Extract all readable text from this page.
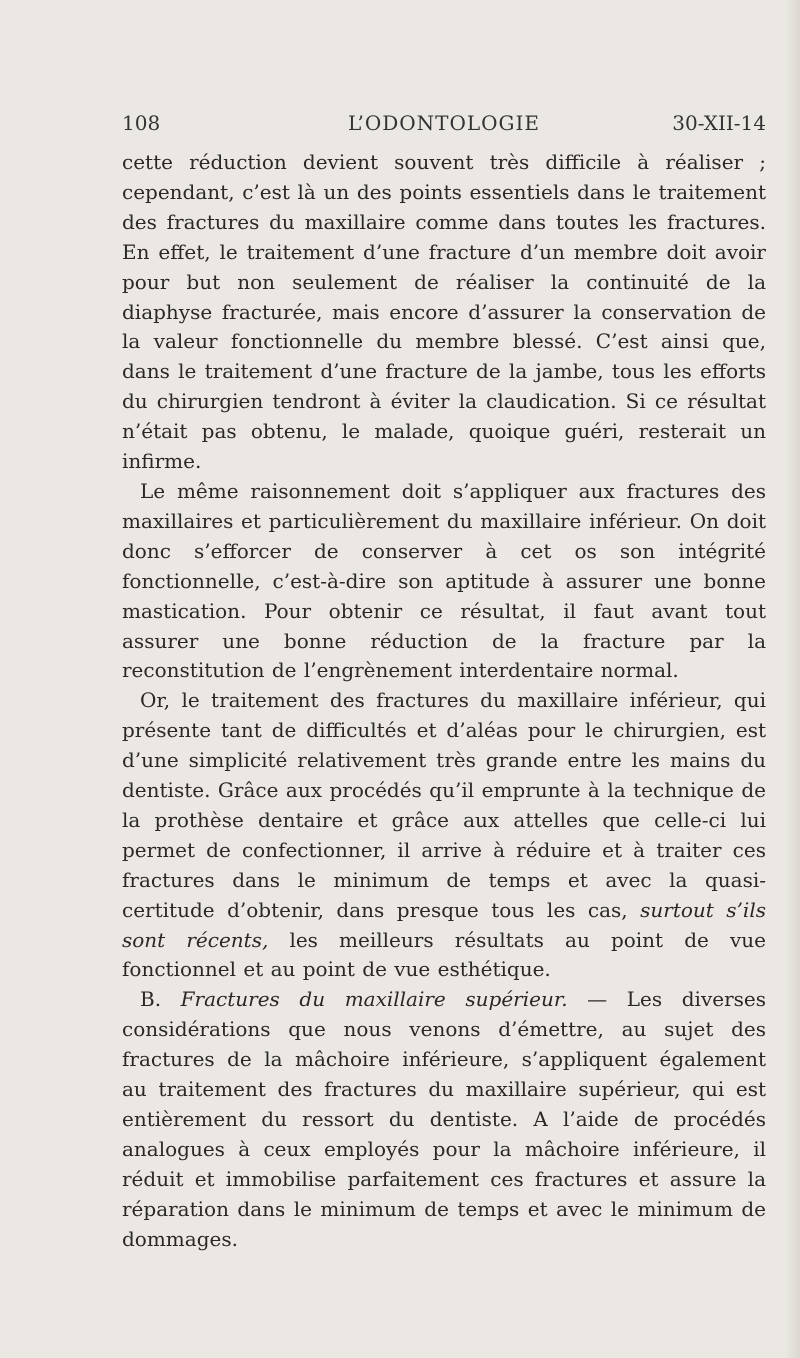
108	L’ODONTOLOGIE	30-XII-14

cette réduction devient souvent très difficile à réaliser ; cependant, c’est là un des points essentiels dans le traitement des fractures du maxillaire comme dans toutes les fractures. En effet, le traitement d’une fracture d’un membre doit avoir pour but non seulement de réaliser la continuité de la diaphyse fracturée, mais encore d’assurer la conservation de la valeur fonctionnelle du membre blessé. C’est ainsi que, dans le traitement d’une fracture de la jambe, tous les efforts du chirurgien tendront à éviter la claudication. Si ce résultat n’était pas obtenu, le malade, quoique guéri, resterait un infirme.

Le même raisonnement doit s’appliquer aux fractures des maxillaires et particulièrement du maxillaire inférieur. On doit donc s’efforcer de conserver à cet os son intégrité fonctionnelle, c’est-à-dire son aptitude à assurer une bonne mastication. Pour obtenir ce résultat, il faut avant tout assurer une bonne réduction de la fracture par la reconstitution de l’engrènement interdentaire normal.

Or, le traitement des fractures du maxillaire inférieur, qui présente tant de difficultés et d’aléas pour le chirurgien, est d’une simplicité relativement très grande entre les mains du dentiste. Grâce aux procédés qu’il emprunte à la technique de la prothèse dentaire et grâce aux attelles que celle-ci lui permet de confectionner, il arrive à réduire et à traiter ces fractures dans le minimum de temps et avec la quasi-certitude d’obtenir, dans presque tous les cas, surtout s’ils sont récents, les meilleurs résultats au point de vue fonctionnel et au point de vue esthétique.

B. Fractures du maxillaire supérieur. — Les diverses considérations que nous venons d’émettre, au sujet des fractures de la mâchoire inférieure, s’appliquent également au traitement des fractures du maxillaire supérieur, qui est entièrement du ressort du dentiste. A l’aide de procédés analogues à ceux employés pour la mâchoire inférieure, il réduit et immobilise parfaitement ces fractures et assure la réparation dans le minimum de temps et avec le minimum de dommages.
